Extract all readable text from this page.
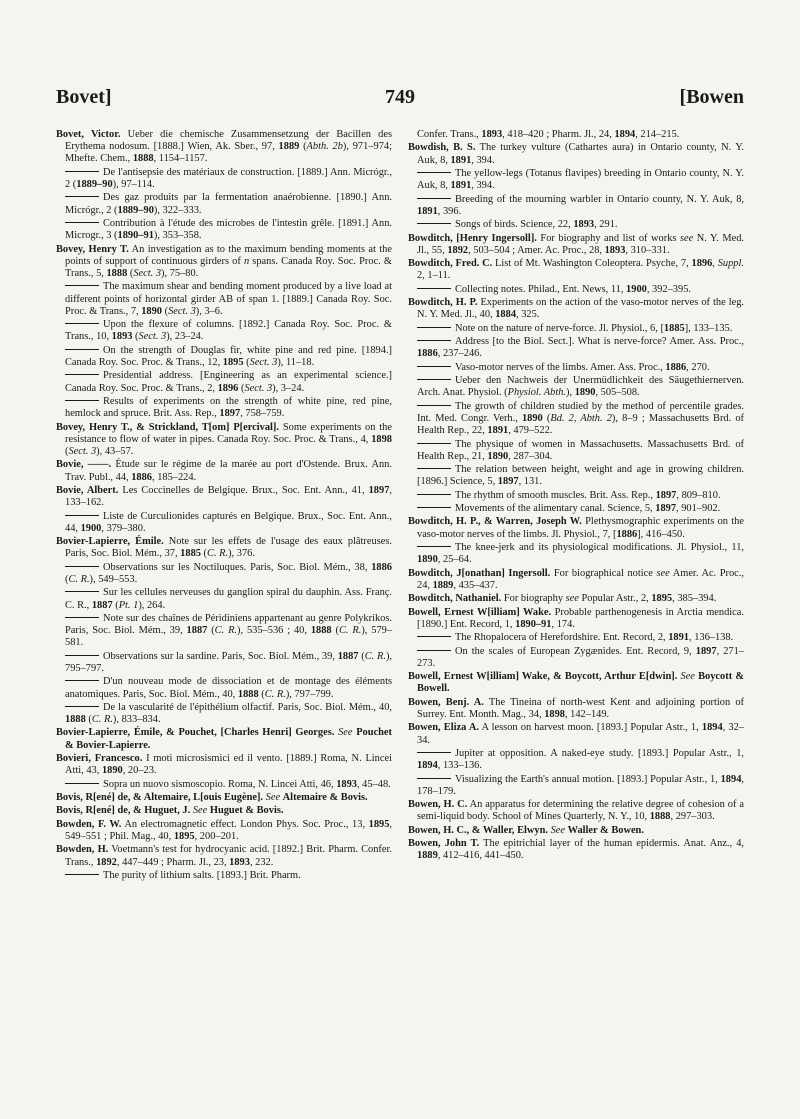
Bovet]	749	[Bowen

Bovet, Victor. Ueber die chemische Zusammensetzung der Bacillen des Erythema nodosum. [1888.] Wien, Ak. Sber., 97, 1889 (Abth. 2b), 971–974; Mhefte. Chem., 1888, 1154–1157.

De l'antisepsie des matériaux de construction. [1889.] Ann. Micrógr., 2 (1889–90), 97–114.

Des gaz produits par la fermentation anaérobienne. [1890.] Ann. Micrógr., 2 (1889–90), 322–333.

Contribution à l'étude des microbes de l'intestin grêle. [1891.] Ann. Microgr., 3 (1890–91), 353–358.

Bovey, Henry T. An investigation as to the maximum bending moments at the points of support of continuous girders of n spans. Canada Roy. Soc. Proc. & Trans., 5, 1888 (Sect. 3), 75–80.

The maximum shear and bending moment produced by a live load at different points of horizontal girder AB of span 1. [1889.] Canada Roy. Soc. Proc. & Trans., 7, 1890 (Sect. 3), 3–6.

Upon the flexure of columns. [1892.] Canada Roy. Soc. Proc. & Trans., 10, 1893 (Sect. 3), 23–24.

On the strength of Douglas fir, white pine and red pine. [1894.] Canada Roy. Soc. Proc. & Trans., 12, 1895 (Sect. 3), 11–18.

Presidential address. [Engineering as an experimental science.] Canada Roy. Soc. Proc. & Trans., 2, 1896 (Sect. 3), 3–24.

Results of experiments on the strength of white pine, red pine, hemlock and spruce. Brit. Ass. Rep., 1897, 758–759.

Bovey, Henry T., & Strickland, T[om] P[ercival]. Some experiments on the resistance to flow of water in pipes. Canada Roy. Soc. Proc. & Trans., 4, 1898 (Sect. 3), 43–57.

Bovie, ——. Étude sur le régime de la marée au port d'Ostende. Brux. Ann. Trav. Publ., 44, 1886, 185–224.

Bovie, Albert. Les Coccinelles de Belgique. Brux., Soc. Ent. Ann., 41, 1897, 133–162.

Liste de Curculionides capturés en Belgique. Brux., Soc. Ent. Ann., 44, 1900, 379–380.

Bovier-Lapierre, Émile. Note sur les effets de l'usage des eaux plâtreuses. Paris, Soc. Biol. Mém., 37, 1885 (C. R.), 376.

Observations sur les Noctiluques. Paris, Soc. Biol. Mém., 38, 1886 (C. R.), 549–553.

Sur les cellules nerveuses du ganglion spiral du dauphin. Ass. Franç. C. R., 1887 (Pt. 1), 264.

Note sur des chaînes de Péridiniens appartenant au genre Polykrikos. Paris, Soc. Biol. Mém., 39, 1887 (C. R.), 535–536 ; 40, 1888 (C. R.), 579–581.

Observations sur la sardine. Paris, Soc. Biol. Mém., 39, 1887 (C. R.), 795–797.

D'un nouveau mode de dissociation et de montage des éléments anatomiques. Paris, Soc. Biol. Mém., 40, 1888 (C. R.), 797–799.

De la vascularité de l'épithélium olfactif. Paris, Soc. Biol. Mém., 40, 1888 (C. R.), 833–834.

Bovier-Lapierre, Émile, & Pouchet, [Charles Henri] Georges. See Pouchet & Bovier-Lapierre.

Bovieri, Francesco. I moti microsismici ed il vento. [1889.] Roma, N. Lincei Atti, 43, 1890, 20–23.

Sopra un nuovo sismoscopio. Roma, N. Lincei Atti, 46, 1893, 45–48.

Bovis, R[ené] de, & Altemaire, L[ouis Eugène]. See Altemaire & Bovis.

Bovis, R[ené] de, & Huguet, J. See Huguet & Bovis.

Bowden, F. W. An electromagnetic effect. London Phys. Soc. Proc., 13, 1895, 549–551 ; Phil. Mag., 40, 1895, 200–201.

Bowden, H. Voetmann's test for hydrocyanic acid. [1892.] Brit. Pharm. Confer. Trans., 1892, 447–449 ; Pharm. Jl., 23, 1893, 232.

The purity of lithium salts. [1893.] Brit. Pharm.

Confer. Trans., 1893, 418–420 ; Pharm. Jl., 24, 1894, 214–215.

Bowdish, B. S. The turkey vulture (Cathartes aura) in Ontario county, N. Y. Auk, 8, 1891, 394.

The yellow-legs (Totanus flavipes) breeding in Ontario county, N. Y. Auk, 8, 1891, 394.

Breeding of the mourning warbler in Ontario county, N. Y. Auk, 8, 1891, 396.

Songs of birds. Science, 22, 1893, 291.

Bowditch, [Henry Ingersoll]. For biography and list of works see N. Y. Med. Jl., 55, 1892, 503–504 ; Amer. Ac. Proc., 28, 1893, 310–331.

Bowditch, Fred. C. List of Mt. Washington Coleoptera. Psyche, 7, 1896, Suppl. 2, 1–11.

Collecting notes. Philad., Ent. News, 11, 1900, 392–395.

Bowditch, H. P. Experiments on the action of the vaso-motor nerves of the leg. N. Y. Med. Jl., 40, 1884, 325.

Note on the nature of nerve-force. Jl. Physiol., 6, [1885], 133–135.

Address [to the Biol. Sect.]. What is nerve-force? Amer. Ass. Proc., 1886, 237–246.

Vaso-motor nerves of the limbs. Amer. Ass. Proc., 1886, 270.

Ueber den Nachweis der Unermüdlichkeit des Säugethiernerven. Arch. Anat. Physiol. (Physiol. Abth.), 1890, 505–508.

The growth of children studied by the method of percentile grades. Int. Med. Congr. Verh., 1890 (Bd. 2, Abth. 2), 8–9 ; Massachusetts Brd. of Health Rep., 22, 1891, 479–522.

The physique of women in Massachusetts. Massachusetts Brd. of Health Rep., 21, 1890, 287–304.

The relation between height, weight and age in growing children. [1896.] Science, 5, 1897, 131.

The rhythm of smooth muscles. Brit. Ass. Rep., 1897, 809–810.

Movements of the alimentary canal. Science, 5, 1897, 901–902.

Bowditch, H. P., & Warren, Joseph W. Plethysmographic experiments on the vaso-motor nerves of the limbs. Jl. Physiol., 7, [1886], 416–450.

The knee-jerk and its physiological modifications. Jl. Physiol., 11, 1890, 25–64.

Bowditch, J[onathan] Ingersoll. For biographical notice see Amer. Ac. Proc., 24, 1889, 435–437.

Bowditch, Nathaniel. For biography see Popular Astr., 2, 1895, 385–394.

Bowell, Ernest W[illiam] Wake. Probable parthenogenesis in Arctia mendica. [1890.] Ent. Record, 1, 1890–91, 174.

The Rhopalocera of Herefordshire. Ent. Record, 2, 1891, 136–138.

On the scales of European Zygænides. Ent. Record, 9, 1897, 271–273.

Bowell, Ernest W[illiam] Wake, & Boycott, Arthur E[dwin]. See Boycott & Bowell.

Bowen, Benj. A. The Tineina of north-west Kent and adjoining portion of Surrey. Ent. Month. Mag., 34, 1898, 142–149.

Bowen, Eliza A. A lesson on harvest moon. [1893.] Popular Astr., 1, 1894, 32–34.

Jupiter at opposition. A naked-eye study. [1893.] Popular Astr., 1, 1894, 133–136.

Visualizing the Earth's annual motion. [1893.] Popular Astr., 1, 1894, 178–179.

Bowen, H. C. An apparatus for determining the relative degree of cohesion of a semi-liquid body. School of Mines Quarterly, N. Y., 10, 1888, 297–303.

Bowen, H. C., & Waller, Elwyn. See Waller & Bowen.

Bowen, John T. The epitrichial layer of the human epidermis. Anat. Anz., 4, 1889, 412–416, 441–450.
